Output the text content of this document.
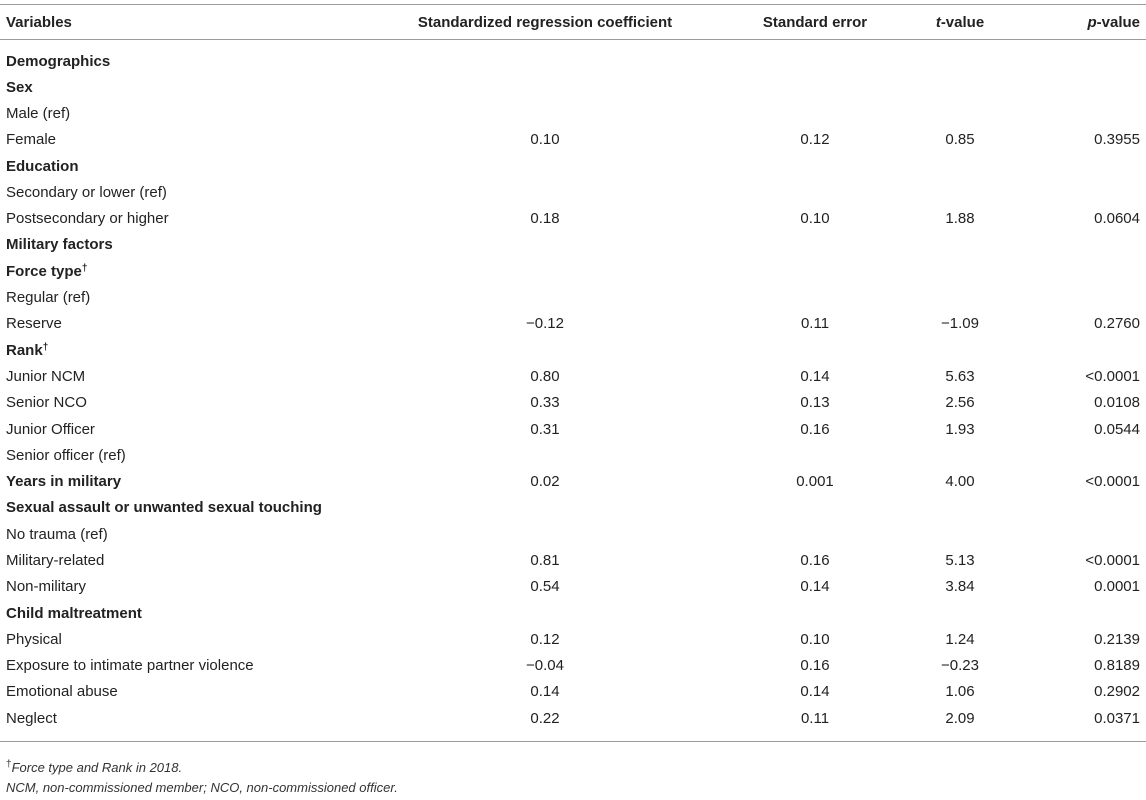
Variables	Standardized regression coefficient	Standard error	t-value	p-value
Demographics				
Sex				
Male (ref)				
Female	0.10	0.12	0.85	0.3955
Education				
Secondary or lower (ref)				
Postsecondary or higher	0.18	0.10	1.88	0.0604
Military factors				
Force type†				
Regular (ref)				
Reserve	−0.12	0.11	−1.09	0.2760
Rank†				
Junior NCM	0.80	0.14	5.63	<0.0001
Senior NCO	0.33	0.13	2.56	0.0108
Junior Officer	0.31	0.16	1.93	0.0544
Senior officer (ref)				
Years in military	0.02	0.001	4.00	<0.0001
Sexual assault or unwanted sexual touching				
No trauma (ref)				
Military-related	0.81	0.16	5.13	<0.0001
Non-military	0.54	0.14	3.84	0.0001
Child maltreatment				
Physical	0.12	0.10	1.24	0.2139
Exposure to intimate partner violence	−0.04	0.16	−0.23	0.8189
Emotional abuse	0.14	0.14	1.06	0.2902
Neglect	0.22	0.11	2.09	0.0371
†Force type and Rank in 2018.
NCM, non-commissioned member; NCO, non-commissioned officer.
